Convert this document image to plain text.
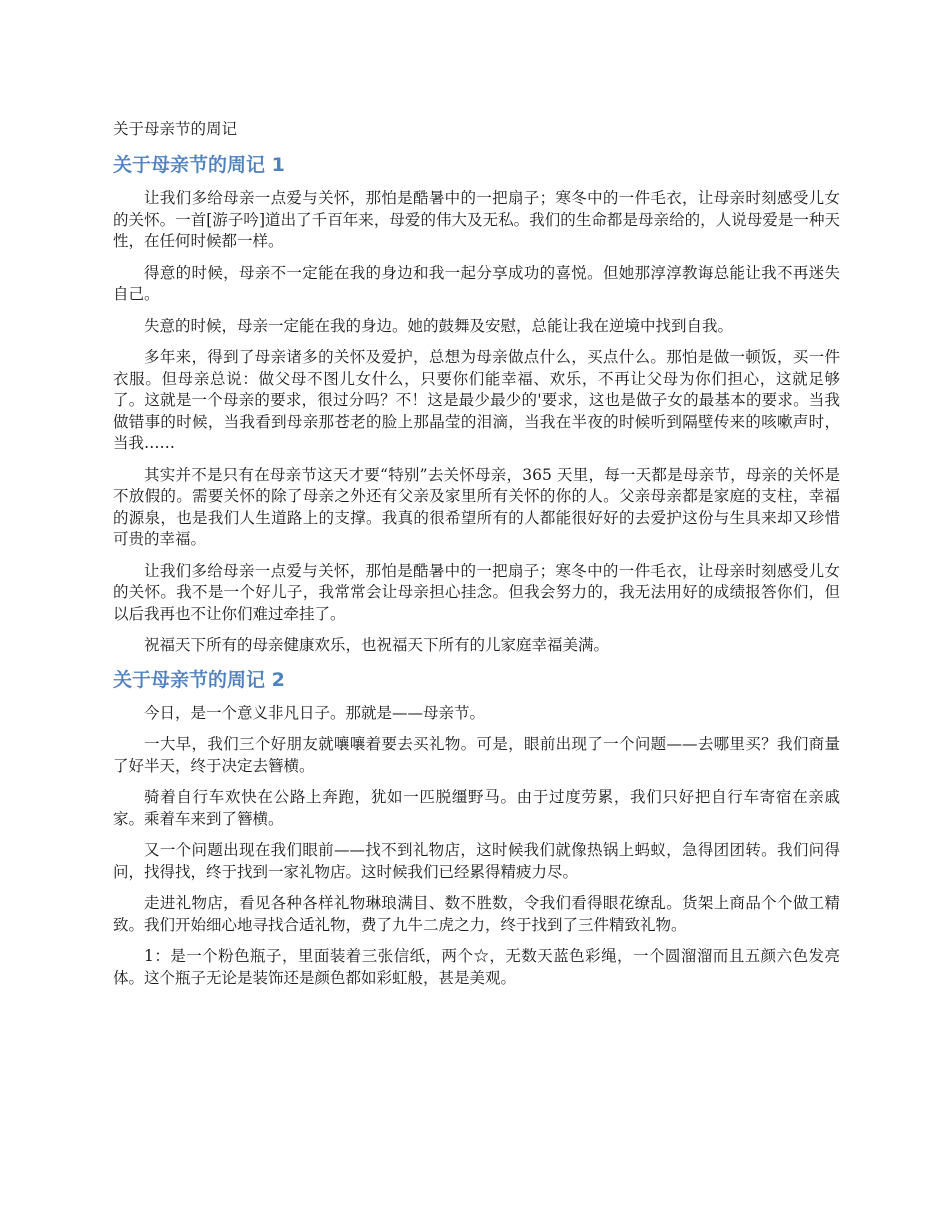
关于母亲节的周记
关于母亲节的周记 1

让我们多给母亲一点爱与关怀，那怕是酷暑中的一把扇子；寒冬中的一件毛衣，让母亲时刻感受儿女的关怀。一首[游子吟]道出了千百年来，母爱的伟大及无私。我们的生命都是母亲给的，人说母爱是一种天性，在任何时候都一样。

得意的时候，母亲不一定能在我的身边和我一起分享成功的喜悦。但她那淳淳教诲总能让我不再迷失自己。

失意的时候，母亲一定能在我的身边。她的鼓舞及安慰，总能让我在逆境中找到自我。

多年来，得到了母亲诸多的关怀及爱护，总想为母亲做点什么，买点什么。那怕是做一顿饭，买一件衣服。但母亲总说：做父母不图儿女什么，只要你们能幸福、欢乐，不再让父母为你们担心，这就足够了。这就是一个母亲的要求，很过分吗？不！这是最少最少的'要求，这也是做子女的最基本的要求。当我做错事的时候，当我看到母亲那苍老的脸上那晶莹的泪滴，当我在半夜的时候听到隔壁传来的咳嗽声时，当我……

其实并不是只有在母亲节这天才要“特别”去关怀母亲，365 天里，每一天都是母亲节，母亲的关怀是不放假的。需要关怀的除了母亲之外还有父亲及家里所有关怀的你的人。父亲母亲都是家庭的支柱，幸福的源泉，也是我们人生道路上的支撑。我真的很希望所有的人都能很好好的去爱护这份与生具来却又珍惜可贵的幸福。

让我们多给母亲一点爱与关怀，那怕是酷暑中的一把扇子；寒冬中的一件毛衣，让母亲时刻感受儿女的关怀。我不是一个好儿子，我常常会让母亲担心挂念。但我会努力的，我无法用好的成绩报答你们，但以后我再也不让你们难过牵挂了。

祝福天下所有的母亲健康欢乐，也祝福天下所有的儿家庭幸福美满。

关于母亲节的周记 2

今日，是一个意义非凡日子。那就是——母亲节。

一大早，我们三个好朋友就嚷嚷着要去买礼物。可是，眼前出现了一个问题——去哪里买？我们商量了好半天，终于决定去簪横。

骑着自行车欢快在公路上奔跑，犹如一匹脱缰野马。由于过度劳累，我们只好把自行车寄宿在亲戚家。乘着车来到了簪横。

又一个问题出现在我们眼前——找不到礼物店，这时候我们就像热锅上蚂蚁，急得团团转。我们问得问，找得找，终于找到一家礼物店。这时候我们已经累得精疲力尽。

走进礼物店，看见各种各样礼物琳琅满目、数不胜数，令我们看得眼花缭乱。货架上商品个个做工精致。我们开始细心地寻找合适礼物，费了九牛二虎之力，终于找到了三件精致礼物。

1：是一个粉色瓶子，里面装着三张信纸，两个☆，无数天蓝色彩绳，一个圆溜溜而且五颜六色发亮体。这个瓶子无论是装饰还是颜色都如彩虹般，甚是美观。
